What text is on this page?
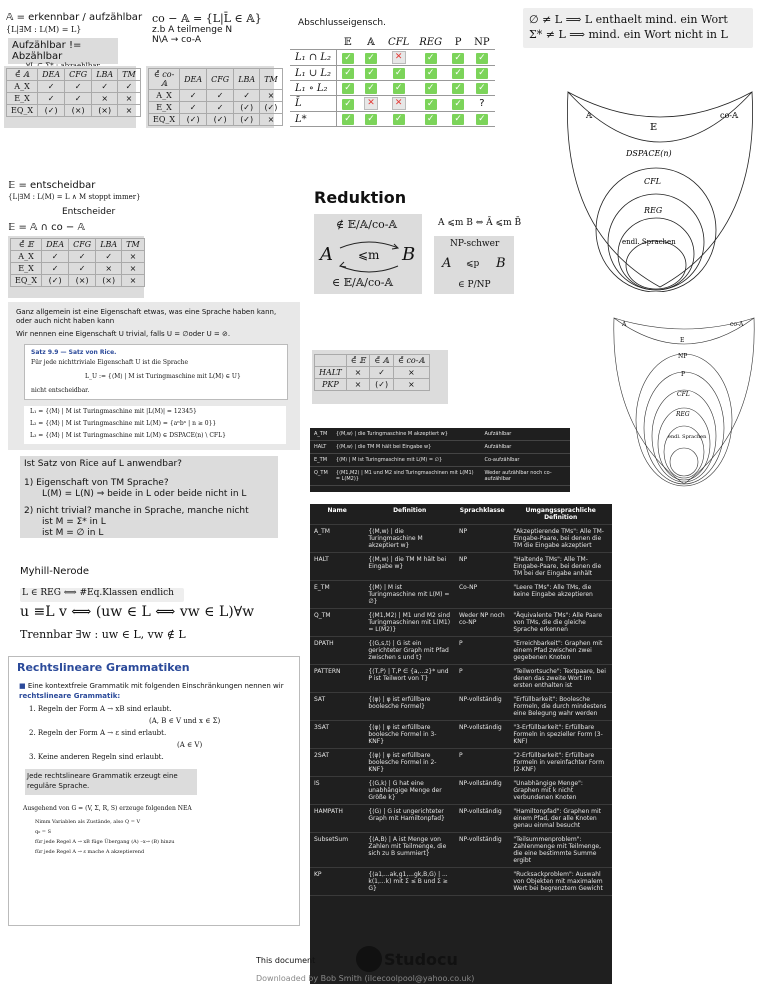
𝔸 = erkennbar / aufzählbar
{L|∃M : L(M) = L}
Aufzählbar != Abzählbar
co − 𝔸 = {L|L̄ ∈ 𝔸}
z.b A teilmenge N
N\A → co-A
∈̊ 𝔸	DEA	CFG	LBA	TM
A_X	✓	✓	✓	✓
E_X	✓	✓	×	×
EQ_X	(✓)	(×)	(×)	×
∈̊ co-𝔸	DEA	CFG	LBA	TM
A_X	✓	✓	✓	×
E_X	✓	✓	(✓)	(✓)
EQ_X	(✓)	(✓)	(✓)	×
Abschlusseigensch.
	𝔼	𝔸	CFL	REG	P	NP
L₁ ∩ L₂	✓	✓	✕	✓	✓	✓
L₁ ∪ L₂	✓	✓	✓	✓	✓	✓
L₁ ∘ L₂	✓	✓	✓	✓	✓	✓
L̄	✓	✕	✕	✓	✓	?
L*	✓	✓	✓	✓	✓	✓
∅ ≠ L ⟹ L enthaelt mind. ein Wort
Σ* ≠ L ⟹ mind. ein Wort nicht in L
𝔸	co-𝔸
𝔼
DSPACE(n)
CFL
REG
endl. Sprachen
A	co-A
E
NP
P
CFL
REG
endl. Sprachen
𝔼 = entscheidbar
{L|∃M : L(M) = L ∧ M stoppt immer}
Entscheider
𝔼 = 𝔸 ∩ co − 𝔸
∈̊ 𝔼	DEA	CFG	LBA	TM
A_X	✓	✓	✓	×
E_X	✓	✓	×	×
EQ_X	(✓)	(×)	(×)	×
Reduktion
∉ 𝔼/𝔸/co-𝔸
A ⩽m B
∈ 𝔼/𝔸/co-𝔸
A ⩽m B ⇔ Ā ⩽m B̄
NP-schwer
A ⩽p B
∈ P/NP
Ganz allgemein ist eine Eigenschaft etwas, was eine Sprache haben kann, oder auch nicht haben kann
Wir nennen eine Eigenschaft U trivial, falls U = ∅oder U = ⊘.
Satz 9.9 — Satz von Rice.
Für jede nichttriviale Eigenschaft U ist die Sprache
L_U := {⟨M⟩ | M ist Turingmaschine mit L(M) ∈ U}
nicht entscheidbar.
L₁ = {⟨M⟩ | M ist Turingmaschine mit |L(M)| = 12345}
L₂ = {⟨M⟩ | M ist Turingmaschine mit L(M) = {aⁿbⁿ | n ≥ 0}}
L₃ = {⟨M⟩ | M ist Turingmaschine mit L(M) ∈ DSPACE(n) \ CFL}
	∈̊ 𝔼	∈̊ 𝔸	∈̊ co-𝔸
HALT	×	✓	×
PKP	×	(✓)	×
A_TM	{⟨M,w⟩ | die Turingmaschine M akzeptiert w}	Aufzählbar
HALT	{⟨M,w⟩ | die TM M hält bei Eingabe w}	Aufzählbar
E_TM	{⟨M⟩ | M ist Turingmaschine mit L(M) = ∅}	Co-aufzählbar
Q_TM	{⟨M1,M2⟩ | M1 und M2 sind Turingmaschinen mit L(M1) = L(M2)}	Weder aufzählbar noch co-aufzählbar
Ist Satz von Rice auf L anwendbar?
1) Eigenschaft von TM Sprache?
L(M) = L(N) ⇒ beide in L oder beide nicht in L
2) nicht trivial? manche in Sprache, manche nicht
ist M = Σ* in L
ist M = ∅ in L
Name	Definition	Sprachklasse	Umgangssprachliche Definition
A_TM	{⟨M,w⟩ | die Turingmaschine M akzeptiert w}	NP	"Akzeptierende TMs": Alle TM-Eingabe-Paare, bei denen die TM die Eingabe akzeptiert
HALT	{⟨M,w⟩ | die TM M hält bei Eingabe w}	NP	"Haltende TMs": Alle TM-Eingabe-Paare, bei denen die TM bei der Eingabe anhält
E_TM	{⟨M⟩ | M ist Turingmaschine mit L(M) = ∅}	Co-NP	"Leere TMs": Alle TMs, die keine Eingabe akzeptieren
Q_TM	{⟨M1,M2⟩ | M1 und M2 sind Turingmaschinen mit L(M1) = L(M2)}	Weder NP noch co-NP	"Äquivalente TMs": Alle Paare von TMs, die die gleiche Sprache erkennen
DPATH	{⟨G,s,t⟩ | G ist ein gerichteter Graph mit Pfad zwischen s und t}	P	"Erreichbarkeit": Graphen mit einem Pfad zwischen zwei gegebenen Knoten
PATTERN	{⟨T,P⟩ | T,P ∈ {a,...z}* und P ist Teilwort von T}	P	"Teilwortsuche": Textpaare, bei denen das zweite Wort im ersten enthalten ist
SAT	{⟨φ⟩ | φ ist erfüllbare boolesche Formel}	NP-vollständig	"Erfüllbarkeit": Boolesche Formeln, die durch mindestens eine Belegung wahr werden
3SAT	{⟨φ⟩ | φ ist erfüllbare boolesche Formel in 3-KNF}	NP-vollständig	"3-Erfüllbarkeit": Erfüllbare Formeln in spezieller Form (3-KNF)
2SAT	{⟨φ⟩ | φ ist erfüllbare boolesche Formel in 2-KNF}	P	"2-Erfüllbarkeit": Erfüllbare Formeln in vereinfachter Form (2-KNF)
IS	{⟨G,k⟩ | G hat eine unabhängige Menge der Größe k}	NP-vollständig	"Unabhängige Menge": Graphen mit k nicht verbundenen Knoten
HAMPATH	{⟨G⟩ | G ist ungerichteter Graph mit Hamiltonpfad}	NP-vollständig	"Hamiltonpfad": Graphen mit einem Pfad, der alle Knoten genau einmal besucht
SubsetSum	{⟨A,B⟩ | A ist Menge von Zahlen mit Teilmenge, die sich zu B summiert}	NP-vollständig	"Teilsummenproblem": Zahlenmenge mit Teilmenge, die eine bestimmte Summe ergibt
KP	{⟨a1,...ak,g1,...gk,B,G⟩ | ... k(1,...k) mit Σ ≤ B und Σ ≥ G}		"Rucksackproblem": Auswahl von Objekten mit maximalem Wert bei begrenztem Gewicht
Myhill-Nerode
L ∈ REG ⟺ #Eq.Klassen endlich
u ≡L v ⟺ (uw ∈ L ⟺ vw ∈ L)∀w
Trennbar ∃w : uw ∈ L, vw ∉ L
Rechtslineare Grammatiken
■ Eine kontextfreie Grammatik mit folgenden Einschränkungen nennen wir rechtslineare Grammatik:
1. Regeln der Form A → xB sind erlaubt.
(A, B ∈ V und x ∈ Σ)
2. Regeln der Form A → ε sind erlaubt.
(A ∈ V)
3. Keine anderen Regeln sind erlaubt.
Jede rechtslineare Grammatik erzeugt eine reguläre Sprache.
Ausgehend von G = (V, Σ, R, S) erzeuge folgenden NEA
Nimm Variablen als Zustände, also Q = V
q₀ = S
für jede Regel A → xB füge Übergang (A) –x→ (B) hinzu
für jede Regel A → ε mache A akzeptierend
This document	Studocu
Downloaded by Bob Smith (ilcecoolpool@yahoo.co.uk)
